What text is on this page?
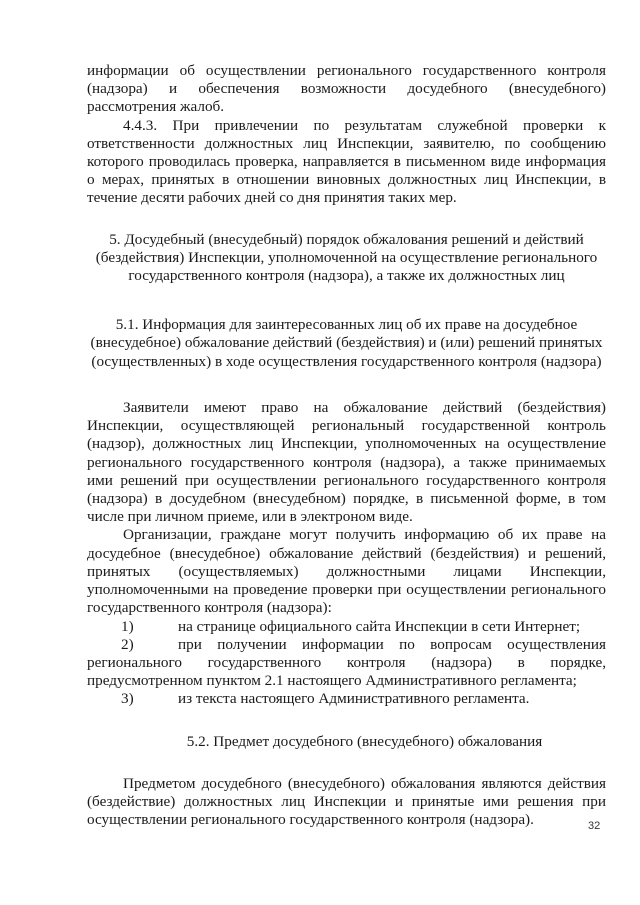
информации об осуществлении регионального государственного контроля (надзора) и обеспечения возможности досудебного (внесудебного) рассмотрения жалоб.

4.4.3. При привлечении по результатам служебной проверки к ответственности должностных лиц Инспекции, заявителю, по сообщению которого проводилась проверка, направляется в письменном виде информация о мерах, принятых в отношении виновных должностных лиц Инспекции, в течение десяти рабочих дней со дня принятия таких мер.

5. Досудебный (внесудебный) порядок обжалования решений и действий (бездействия) Инспекции, уполномоченной на осуществление регионального государственного контроля (надзора), а также их должностных лиц

5.1. Информация для заинтересованных лиц об их праве на досудебное (внесудебное) обжалование действий (бездействия) и (или) решений принятых (осуществленных) в ходе осуществления государственного контроля (надзора)

Заявители имеют право на обжалование действий (бездействия) Инспекции, осуществляющей региональный государственной контроль (надзор), должностных лиц Инспекции, уполномоченных на осуществление регионального государственного контроля (надзора), а также принимаемых ими решений при осуществлении регионального государственного контроля (надзора) в досудебном (внесудебном) порядке, в письменной форме, в том числе при личном приеме, или в электроном виде.

Организации, граждане могут получить информацию об их праве на досудебное (внесудебное) обжалование действий (бездействия) и решений, принятых (осуществляемых) должностными лицами Инспекции, уполномоченными на проведение проверки при осуществлении регионального государственного контроля (надзора):

1)	на странице официального сайта Инспекции в сети Интернет;

2)	при получении информации по вопросам осуществления регионального государственного контроля (надзора) в порядке, предусмотренном пунктом 2.1 настоящего Административного регламента;

3)	из текста настоящего Административного регламента.

5.2. Предмет досудебного (внесудебного) обжалования

Предметом досудебного (внесудебного) обжалования являются действия (бездействие) должностных лиц Инспекции и принятые ими решения при осуществлении регионального государственного контроля (надзора).	32
